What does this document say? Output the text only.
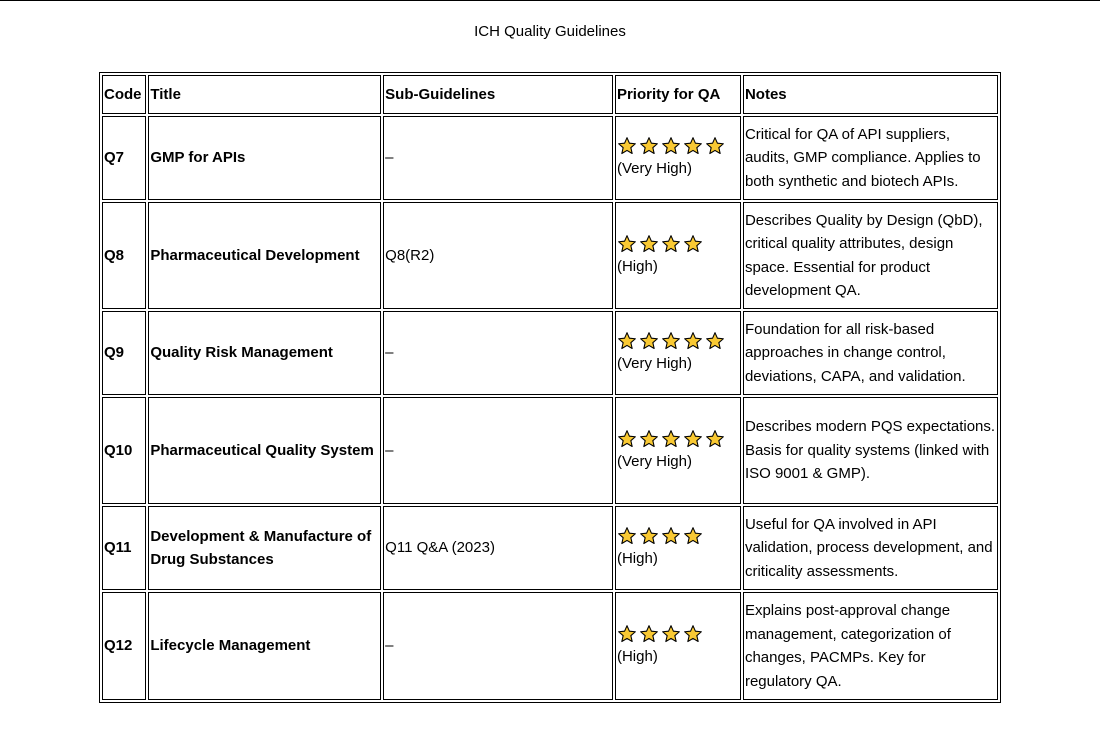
ICH Quality Guidelines
Code	Title	Sub-Guidelines	Priority for QA	Notes
Q7	GMP for APIs	–	(Very High)	Critical for QA of API suppliers, audits, GMP compliance. Applies to both synthetic and biotech APIs.
Q8	Pharmaceutical Development	Q8(R2)	(High)	Describes Quality by Design (QbD), critical quality attributes, design space. Essential for product development QA.
Q9	Quality Risk Management	–	(Very High)	Foundation for all risk-based approaches in change control, deviations, CAPA, and validation.
Q10	Pharmaceutical Quality System	–	(Very High)	Describes modern PQS expectations. Basis for quality systems (linked with ISO 9001 & GMP).
Q11	Development & Manufacture of Drug Substances	Q11 Q&A (2023)	(High)	Useful for QA involved in API validation, process development, and criticality assessments.
Q12	Lifecycle Management	–	(High)	Explains post-approval change management, categorization of changes, PACMPs. Key for regulatory QA.
